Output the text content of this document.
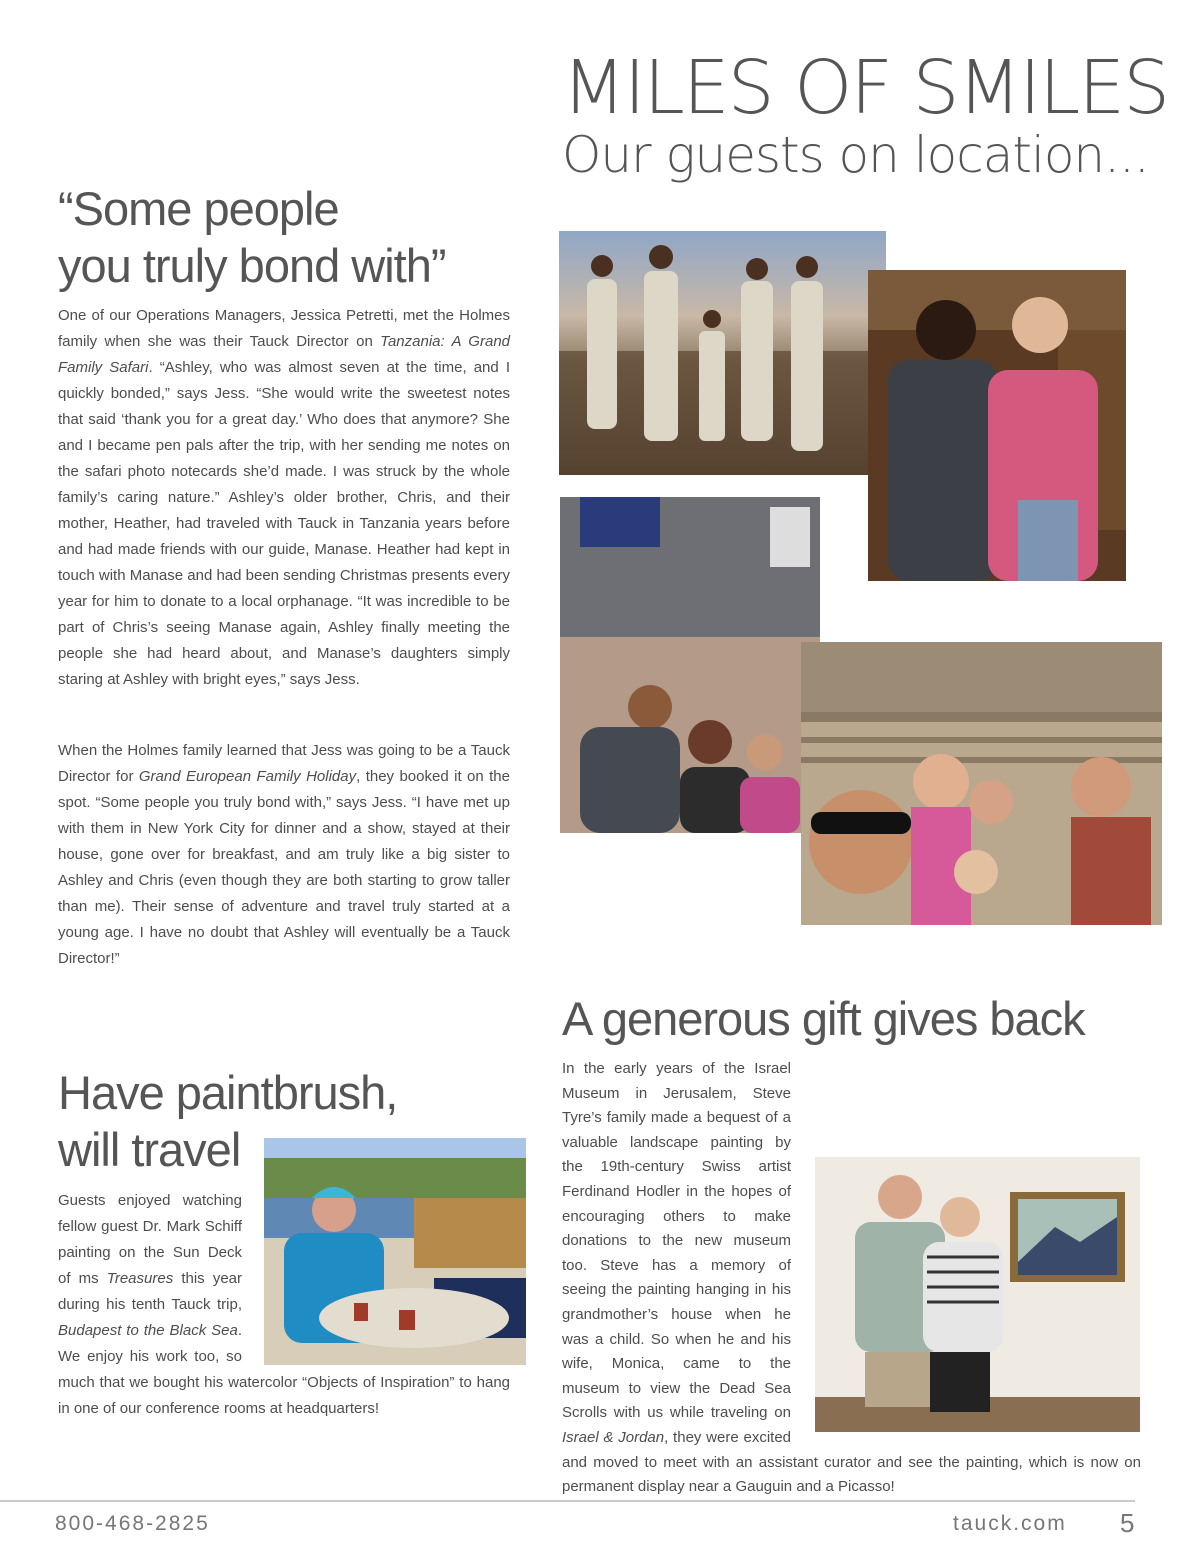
MILES OF SMILES
Our guests on location...
“Some people
you truly bond with”

One of our Operations Managers, Jessica Petretti, met the Holmes family when she was their Tauck Director on Tanzania: A Grand Family Safari. “Ashley, who was almost seven at the time, and I quickly bonded,” says Jess. “She would write the sweetest notes that said ‘thank you for a great day.’ Who does that anymore? She and I became pen pals after the trip, with her sending me notes on the safari photo notecards she’d made. I was struck by the whole family’s caring nature.” Ashley’s older brother, Chris, and their mother, Heather, had traveled with Tauck in Tanzania years before and had made friends with our guide, Manase. Heather had kept in touch with Manase and had been sending Christmas presents every year for him to donate to a local orphanage. “It was incredible to be part of Chris’s seeing Manase again, Ashley finally meeting the people she had heard about, and Manase’s daughters simply staring at Ashley with bright eyes,” says Jess.

When the Holmes family learned that Jess was going to be a Tauck Director for Grand European Family Holiday, they booked it on the spot. “Some people you truly bond with,” says Jess. “I have met up with them in New York City for dinner and a show, stayed at their house, gone over for breakfast, and am truly like a big sister to Ashley and Chris (even though they are both starting to grow taller than me). Their sense of adventure and travel truly started at a young age. I have no doubt that Ashley will eventually be a Tauck Director!”

Have paintbrush,
will travel

Guests enjoyed watching fellow guest Dr. Mark Schiff painting on the Sun Deck of ms Treasures this year during his tenth Tauck trip, Budapest to the Black Sea. We enjoy his work too, so much that we bought his watercolor “Objects of Inspiration” to hang in one of our conference rooms at headquarters!

A generous gift gives back

In the early years of the Israel Museum in Jerusalem, Steve Tyre’s family made a bequest of a valuable landscape painting by the 19th-century Swiss artist Ferdinand Hodler in the hopes of encouraging others to make donations to the new museum too. Steve has a memory of seeing the painting hanging in his grandmother’s house when he was a child. So when he and his wife, Monica, came to the museum to view the Dead Sea Scrolls with us while traveling on Israel & Jordan, they were excited and moved to meet with an assistant curator and see the painting, which is now on permanent display near a Gauguin and a Picasso!

800-468-2825	tauck.com 5
